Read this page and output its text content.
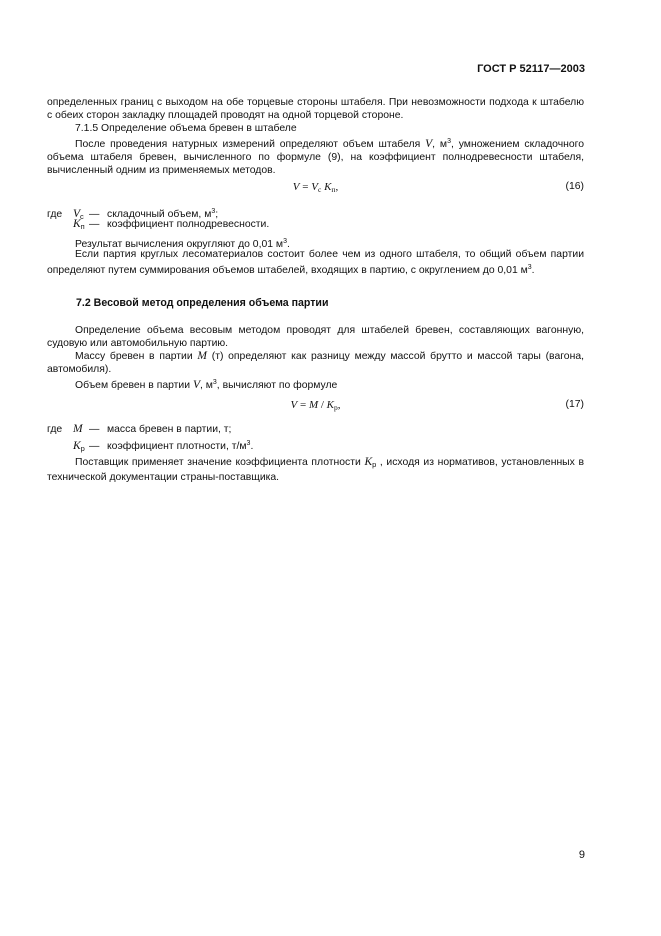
ГОСТ Р 52117—2003
определенных границ с выходом на обе торцевые стороны штабеля. При невозможности подхода к штабелю с обеих сторон закладку площадей проводят на одной торцевой стороне.
7.1.5 Определение объема бревен в штабеле
После проведения натурных измерений определяют объем штабеля V, $м^3$, умножением складочного объема штабеля бревен, вычисленного по формуле (9), на коэффициент полнодревесности штабеля, вычисленный одним из применяемых методов.
$V = V_с$ $K_п$,	(16)
где $V_с$ — складочный объем, $м^3$;
$K_п$ — коэффициент полнодревесности.
Результат вычисления округляют до 0,01 $м^3$.
Если партия круглых лесоматериалов состоит более чем из одного штабеля, то общий объем партии определяют путем суммирования объемов штабелей, входящих в партию, с округлением до 0,01 $м^3$.
7.2 Весовой метод определения объема партии
Определение объема весовым методом проводят для штабелей бревен, составляющих вагонную, судовую или автомобильную партию.
Массу бревен в партии M (т) определяют как разницу между массой брутто и массой тары (вагона, автомобиля).
Объем бревен в партии V, $м^3$, вычисляют по формуле
$V = M / K_р$,	(17)
где M — масса бревен в партии, т;
$K_р$ — коэффициент плотности, $т/м^3$.
Поставщик применяет значение коэффициента плотности $K_р$ , исходя из нормативов, установленных в технической документации страны-поставщика.
9
